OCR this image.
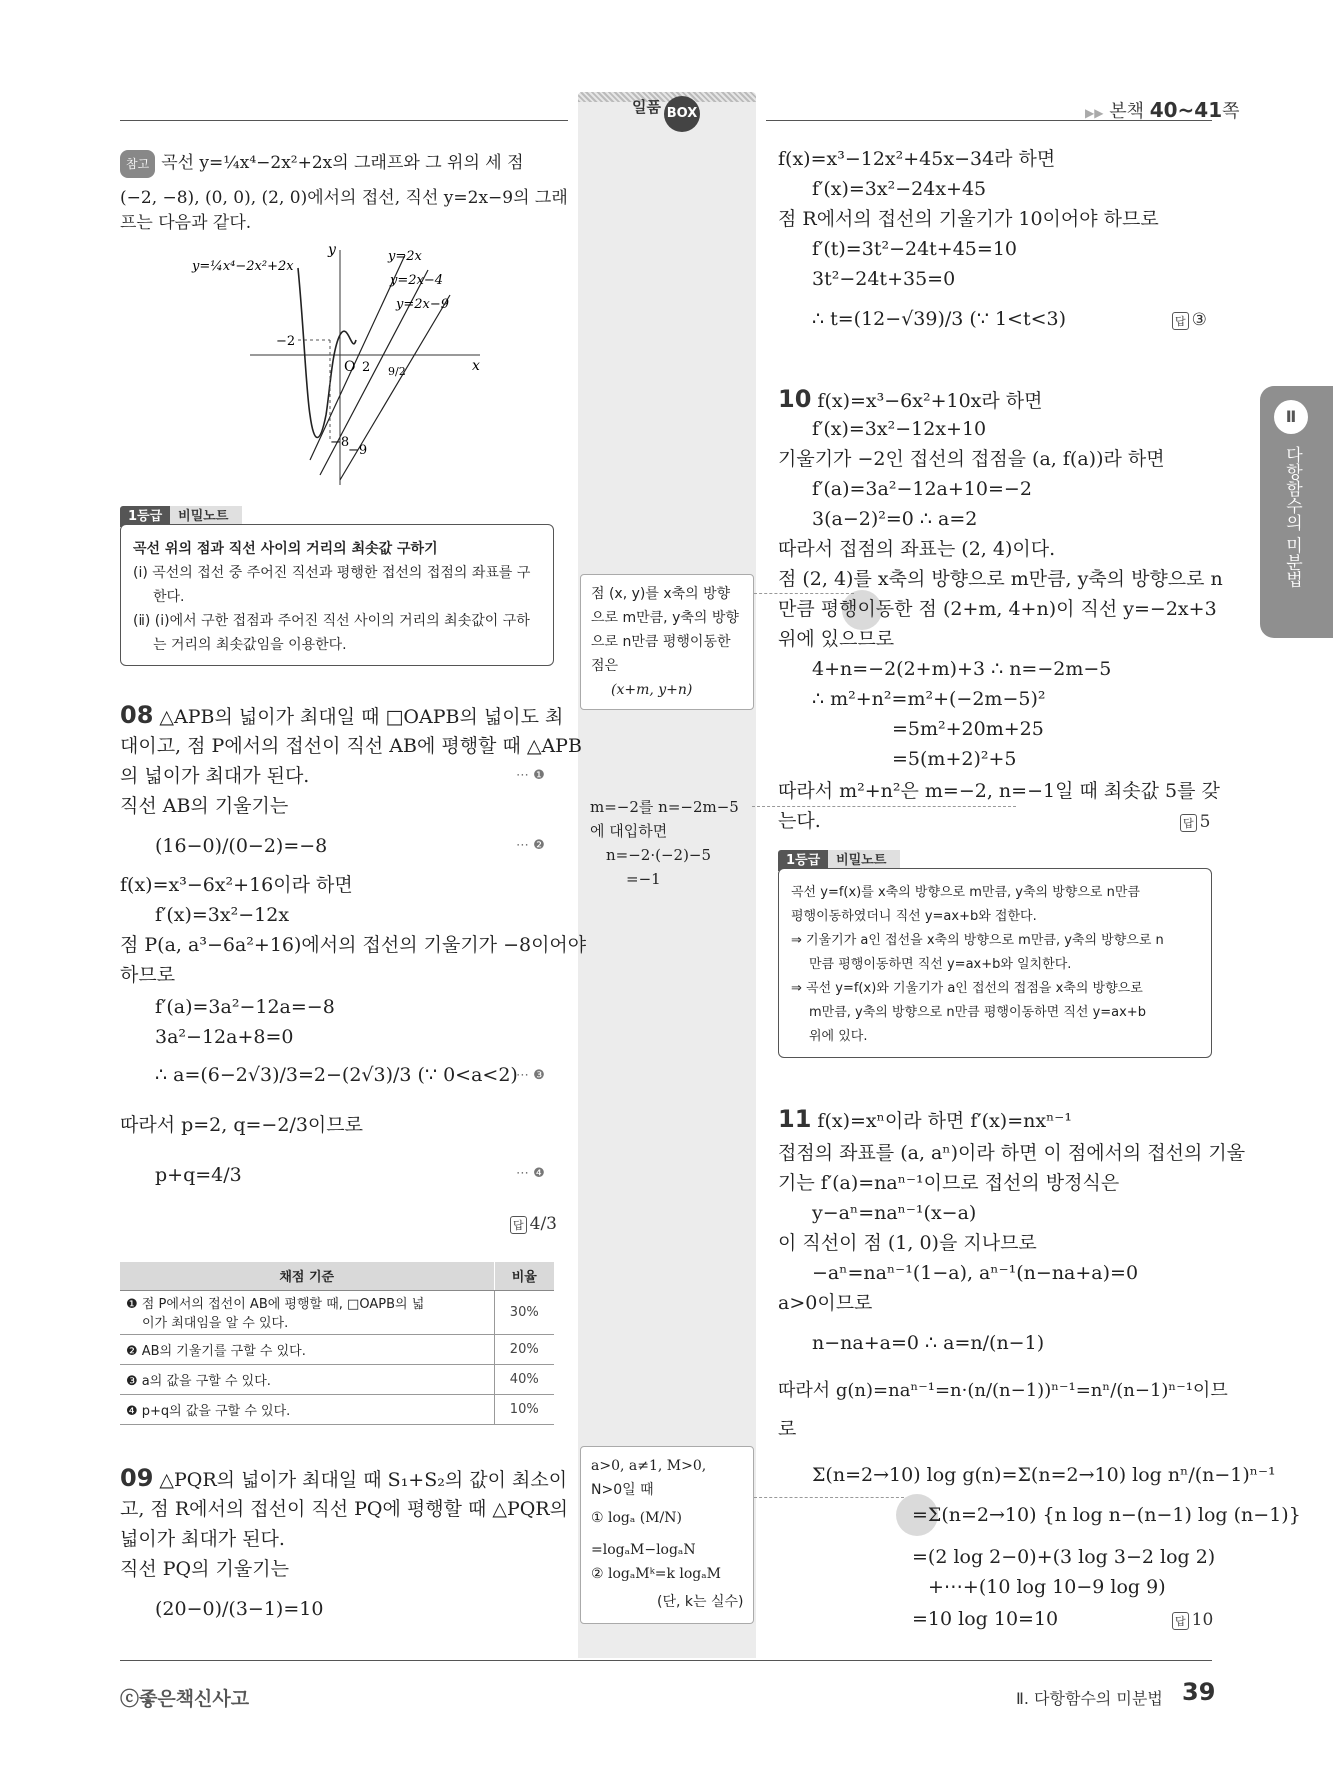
일품 BOX	▶▶ 본책 40~41쪽
참고 곡선 y=¼x⁴−2x²+2x의 그래프와 그 위의 세 점
(−2, −8), (0, 0), (2, 0)에서의 접선, 직선 y=2x−9의 그래
프는 다음과 같다.
y=¼x⁴−2x²+2x
y=2x
y=2x−4
y=2x−9
x
y
O
−2
2 9/2
−8
−9
1등급 비밀노트
곡선 위의 점과 직선 사이의 거리의 최솟값 구하기
(ⅰ) 곡선의 접선 중 주어진 직선과 평행한 접선의 접점의 좌표를 구
한다.
(ⅱ) (ⅰ)에서 구한 접점과 주어진 직선 사이의 거리의 최솟값이 구하
는 거리의 최솟값임을 이용한다.
08 △APB의 넓이가 최대일 때 □OAPB의 넓이도 최
대이고, 점 P에서의 접선이 직선 AB에 평행할 때 △APB
의 넓이가 최대가 된다.	⋯ ❶
직선 AB의 기울기는
(16−0)/(0−2)=−8	⋯ ❷
f(x)=x³−6x²+16이라 하면
f′(x)=3x²−12x
점 P(a, a³−6a²+16)에서의 접선의 기울기가 −8이어야
하므로
f′(a)=3a²−12a=−8
3a²−12a+8=0
∴ a=(6−2√3)/3=2−(2√3)/3 (∵ 0<a<2)
⋯ ❸
따라서 p=2, q=−2/3이므로
p+q=4/3	⋯ ❹
답 4/3
채점 기준	비율

❶ 점 P에서의 접선이 AB에 평행할 때, □OAPB의 넓
이가 최대임을 알 수 있다.	30%
❷ AB의 기울기를 구할 수 있다.	20%
❸ a의 값을 구할 수 있다.	40%
❹ p+q의 값을 구할 수 있다.	10%
09 △PQR의 넓이가 최대일 때 S₁+S₂의 값이 최소이
고, 점 R에서의 접선이 직선 PQ에 평행할 때 △PQR의
넓이가 최대가 된다.
직선 PQ의 기울기는
(20−0)/(3−1)=10
점 (x, y)를 x축의 방향
으로 m만큼, y축의 방향
으로 n만큼 평행이동한
점은
(x+m, y+n)
m=−2를 n=−2m−5
에 대입하면
n=−2·(−2)−5
=−1
a>0, a≠1, M>0,
N>0일 때
① logₐ (M/N)
=logₐM−logₐN
② logₐMᵏ=k logₐM
(단, k는 실수)
f(x)=x³−12x²+45x−34라 하면
f′(x)=3x²−24x+45
점 R에서의 접선의 기울기가 10이어야 하므로
f′(t)=3t²−24t+45=10
3t²−24t+35=0
∴ t=(12−√39)/3 (∵ 1<t<3)	답 ③
10 f(x)=x³−6x²+10x라 하면
f′(x)=3x²−12x+10
기울기가 −2인 접선의 접점을 (a, f(a))라 하면
f′(a)=3a²−12a+10=−2
3(a−2)²=0 ∴ a=2
따라서 접점의 좌표는 (2, 4)이다.
점 (2, 4)를 x축의 방향으로 m만큼, y축의 방향으로 n
만큼 평행이동한 점 (2+m, 4+n)이 직선 y=−2x+3
위에 있으므로
4+n=−2(2+m)+3 ∴ n=−2m−5
∴ m²+n²=m²+(−2m−5)²
=5m²+20m+25
=5(m+2)²+5
따라서 m²+n²은 m=−2, n=−1일 때 최솟값 5를 갖
는다.	답 5
1등급 비밀노트
곡선 y=f(x)를 x축의 방향으로 m만큼, y축의 방향으로 n만큼
평행이동하였더니 직선 y=ax+b와 접한다.
⇒ 기울기가 a인 접선을 x축의 방향으로 m만큼, y축의 방향으로 n
만큼 평행이동하면 직선 y=ax+b와 일치한다.
⇒ 곡선 y=f(x)와 기울기가 a인 접선의 접점을 x축의 방향으로
m만큼, y축의 방향으로 n만큼 평행이동하면 직선 y=ax+b
위에 있다.
11 f(x)=xⁿ이라 하면 f′(x)=nxⁿ⁻¹
접점의 좌표를 (a, aⁿ)이라 하면 이 점에서의 접선의 기울
기는 f′(a)=naⁿ⁻¹이므로 접선의 방정식은
y−aⁿ=naⁿ⁻¹(x−a)
이 직선이 점 (1, 0)을 지나므로
−aⁿ=naⁿ⁻¹(1−a), aⁿ⁻¹(n−na+a)=0
a>0이므로
n−na+a=0 ∴ a=n/(n−1)
따라서 g(n)=naⁿ⁻¹=n·(n/(n−1))ⁿ⁻¹=nⁿ/(n−1)ⁿ⁻¹이므
로
Σ(n=2→10) log g(n)=Σ(n=2→10) log nⁿ/(n−1)ⁿ⁻¹
=Σ(n=2→10) {n log n−(n−1) log (n−1)}
=(2 log 2−0)+(3 log 3−2 log 2)
+⋯+(10 log 10−9 log 9)
=10 log 10=10	답 10
Ⅱ
다항함수의 미분법
ⓒ좋은책신사고	Ⅱ. 다항함수의 미분법 39
